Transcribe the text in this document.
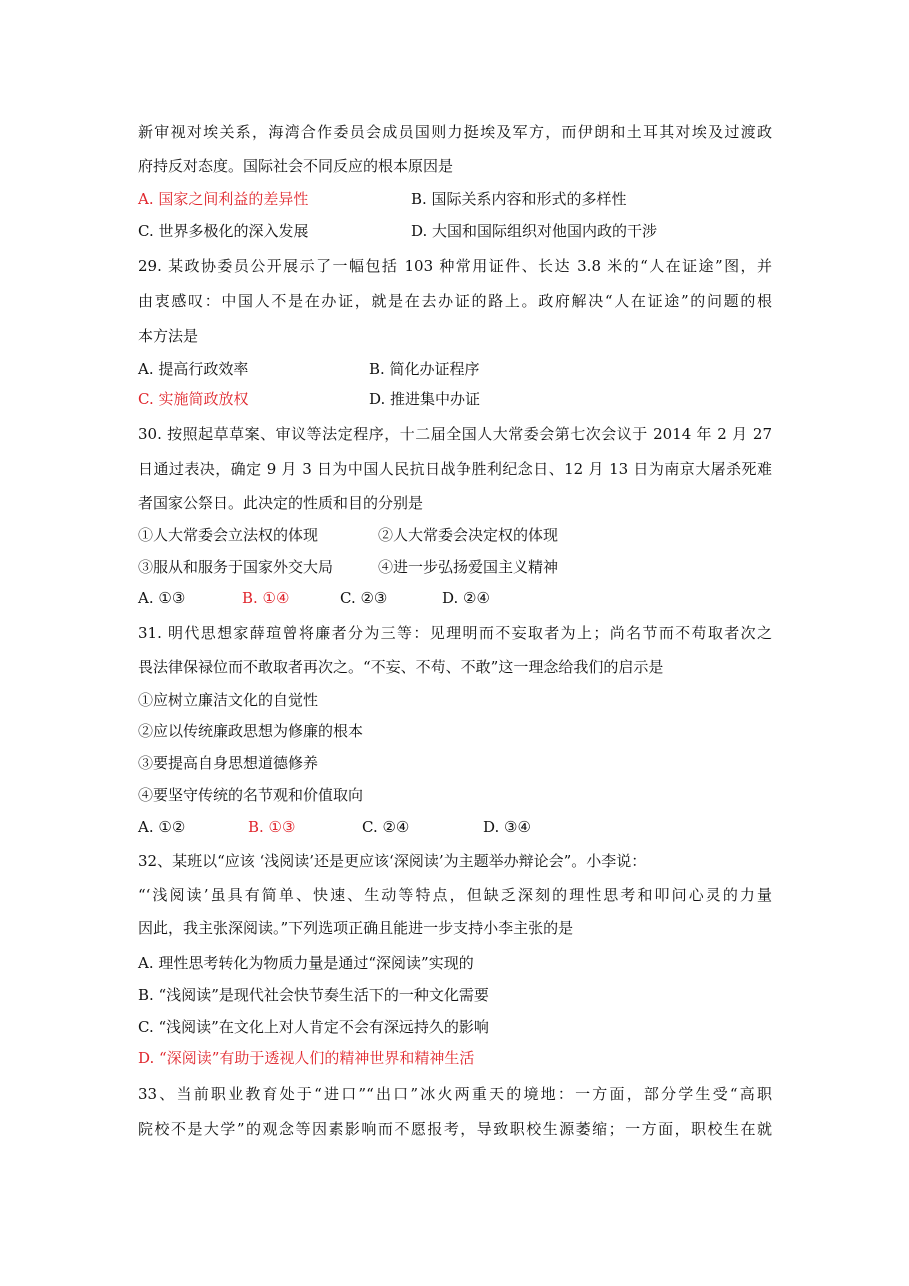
新审视对埃关系，海湾合作委员会成员国则力挺埃及军方，而伊朗和土耳其对埃及过渡政
府持反对态度。国际社会不同反应的根本原因是
A. 国家之间利益的差异性	B. 国际关系内容和形式的多样性
C. 世界多极化的深入发展	D. 大国和国际组织对他国内政的干涉
29. 某政协委员公开展示了一幅包括 103 种常用证件、长达 3.8 米的“人在证途”图，并
由衷感叹：中国人不是在办证，就是在去办证的路上。政府解决“人在证途”的问题的根
本方法是
A. 提高行政效率	B. 简化办证程序
C. 实施简政放权	D. 推进集中办证
30. 按照起草草案、审议等法定程序，十二届全国人大常委会第七次会议于 2014 年 2 月 27
日通过表决，确定 9 月 3 日为中国人民抗日战争胜利纪念日、12 月 13 日为南京大屠杀死难
者国家公祭日。此决定的性质和目的分别是
①人大常委会立法权的体现	②人大常委会决定权的体现
③服从和服务于国家外交大局	④进一步弘扬爱国主义精神
A. ①③	B. ①④	C. ②③	D. ②④
31. 明代思想家薛瑄曾将廉者分为三等：见理明而不妄取者为上；尚名节而不苟取者次之
畏法律保禄位而不敢取者再次之。“不妄、不苟、不敢”这一理念给我们的启示是
①应树立廉洁文化的自觉性
②应以传统廉政思想为修廉的根本
③要提高自身思想道德修养
④要坚守传统的名节观和价值取向
A. ①②	B. ①③	C. ②④	D. ③④
32、某班以“应该 ‘浅阅读’还是更应该‘深阅读’为主题举办辩论会”。小李说：
“‘浅阅读’虽具有简单、快速、生动等特点，但缺乏深刻的理性思考和叩问心灵的力量
因此，我主张深阅读。”下列选项正确且能进一步支持小李主张的是
A. 理性思考转化为物质力量是通过“深阅读”实现的
B. “浅阅读”是现代社会快节奏生活下的一种文化需要
C. “浅阅读”在文化上对人肯定不会有深远持久的影响
D. “深阅读”有助于透视人们的精神世界和精神生活
33、当前职业教育处于“进口”“出口”冰火两重天的境地：一方面，部分学生受“高职
院校不是大学”的观念等因素影响而不愿报考，导致职校生源萎缩；一方面，职校生在就
